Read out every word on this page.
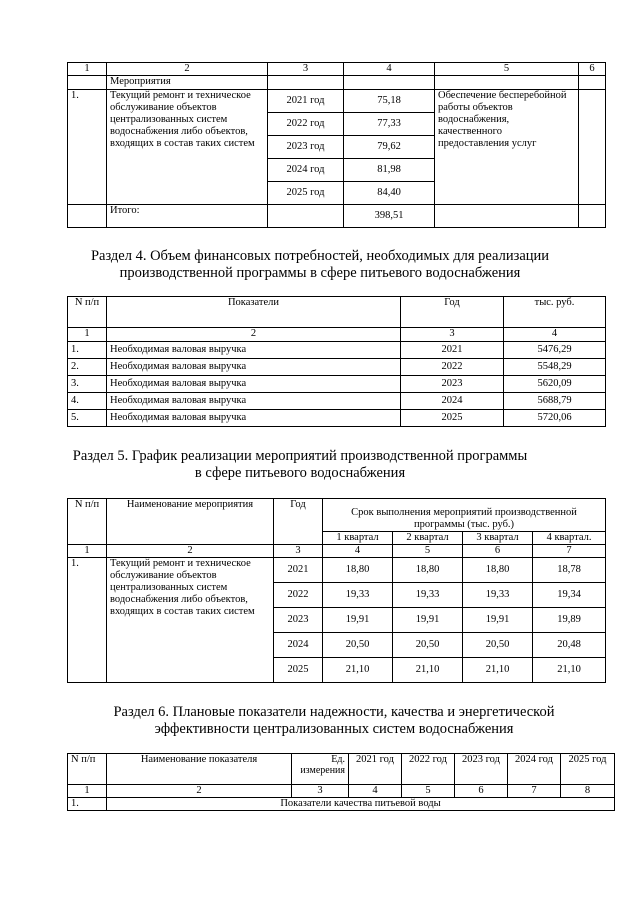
1	2	3	4	5	6
	Мероприятия				
1.	Текущий ремонт и техническое обслуживание объектов централизованных систем водоснабжения либо объектов, входящих в состав таких систем	2021 год	75,18	Обеспечение бесперебойной работы объектов водоснабжения, качественного предоставления услуг	
		2022 год	77,33		
		2023 год	79,62		
		2024 год	81,98		
		2025 год	84,40		
	Итого:		398,51		
Раздел 4. Объем финансовых потребностей, необходимых для реализации
производственной программы в сфере питьевого водоснабжения
N п/п	Показатели	Год	тыс. руб.
1	2	3	4
1.	Необходимая валовая выручка	2021	5476,29
2.	Необходимая валовая выручка	2022	5548,29
3.	Необходимая валовая выручка	2023	5620,09
4.	Необходимая валовая выручка	2024	5688,79
5.	Необходимая валовая выручка	2025	5720,06
Раздел 5. График реализации мероприятий производственной программы
в сфере питьевого водоснабжения
N п/п	Наименование мероприятия	Год	Срок выполнения мероприятий производственной программы (тыс. руб.)			
			1 квартал	2 квартал	3 квартал	4 квартал.
1	2	3	4	5	6	7
1.	Текущий ремонт и техническое обслуживание объектов централизованных систем водоснабжения либо объектов, входящих в состав таких систем	2021	18,80	18,80	18,80	18,78
		2022	19,33	19,33	19,33	19,34
		2023	19,91	19,91	19,91	19,89
		2024	20,50	20,50	20,50	20,48
		2025	21,10	21,10	21,10	21,10
Раздел 6. Плановые показатели надежности, качества и энергетической
эффективности централизованных систем водоснабжения
N п/п	Наименование показателя	Ед. измерения	2021 год	2022 год	2023 год	2024 год	2025 год
1	2	3	4	5	6	7	8
1.	Показатели качества питьевой воды						
